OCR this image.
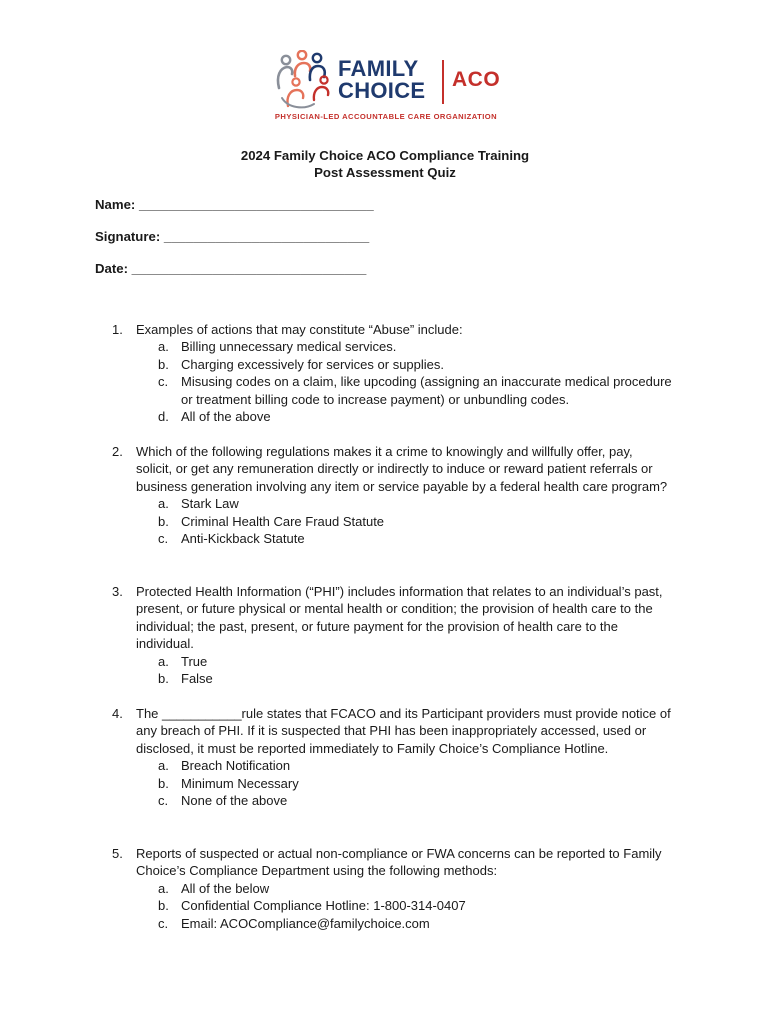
FAMILY
CHOICE ACO
PHYSICIAN-LED ACCOUNTABLE CARE ORGANIZATION
2024 Family Choice ACO Compliance Training
Post Assessment Quiz
Name: ________________________________
Signature: ____________________________
Date: ________________________________
1. Examples of actions that may constitute “Abuse” include:
a. Billing unnecessary medical services.
b. Charging excessively for services or supplies.
c. Misusing codes on a claim, like upcoding (assigning an inaccurate medical procedure or treatment billing code to increase payment) or unbundling codes.
d. All of the above
2. Which of the following regulations makes it a crime to knowingly and willfully offer, pay, solicit, or get any remuneration directly or indirectly to induce or reward patient referrals or business generation involving any item or service payable by a federal health care program?
a. Stark Law
b. Criminal Health Care Fraud Statute
c. Anti-Kickback Statute
3. Protected Health Information (“PHI”) includes information that relates to an individual’s past, present, or future physical or mental health or condition; the provision of health care to the individual; the past, present, or future payment for the provision of health care to the individual.
a. True
b. False
4. The ___________rule states that FCACO and its Participant providers must provide notice of any breach of PHI. If it is suspected that PHI has been inappropriately accessed, used or disclosed, it must be reported immediately to Family Choice’s Compliance Hotline.
a. Breach Notification
b. Minimum Necessary
c. None of the above
5. Reports of suspected or actual non-compliance or FWA concerns can be reported to Family Choice’s Compliance Department using the following methods:
a. All of the below
b. Confidential Compliance Hotline: 1-800-314-0407
c. Email: ACOCompliance@familychoice.com
